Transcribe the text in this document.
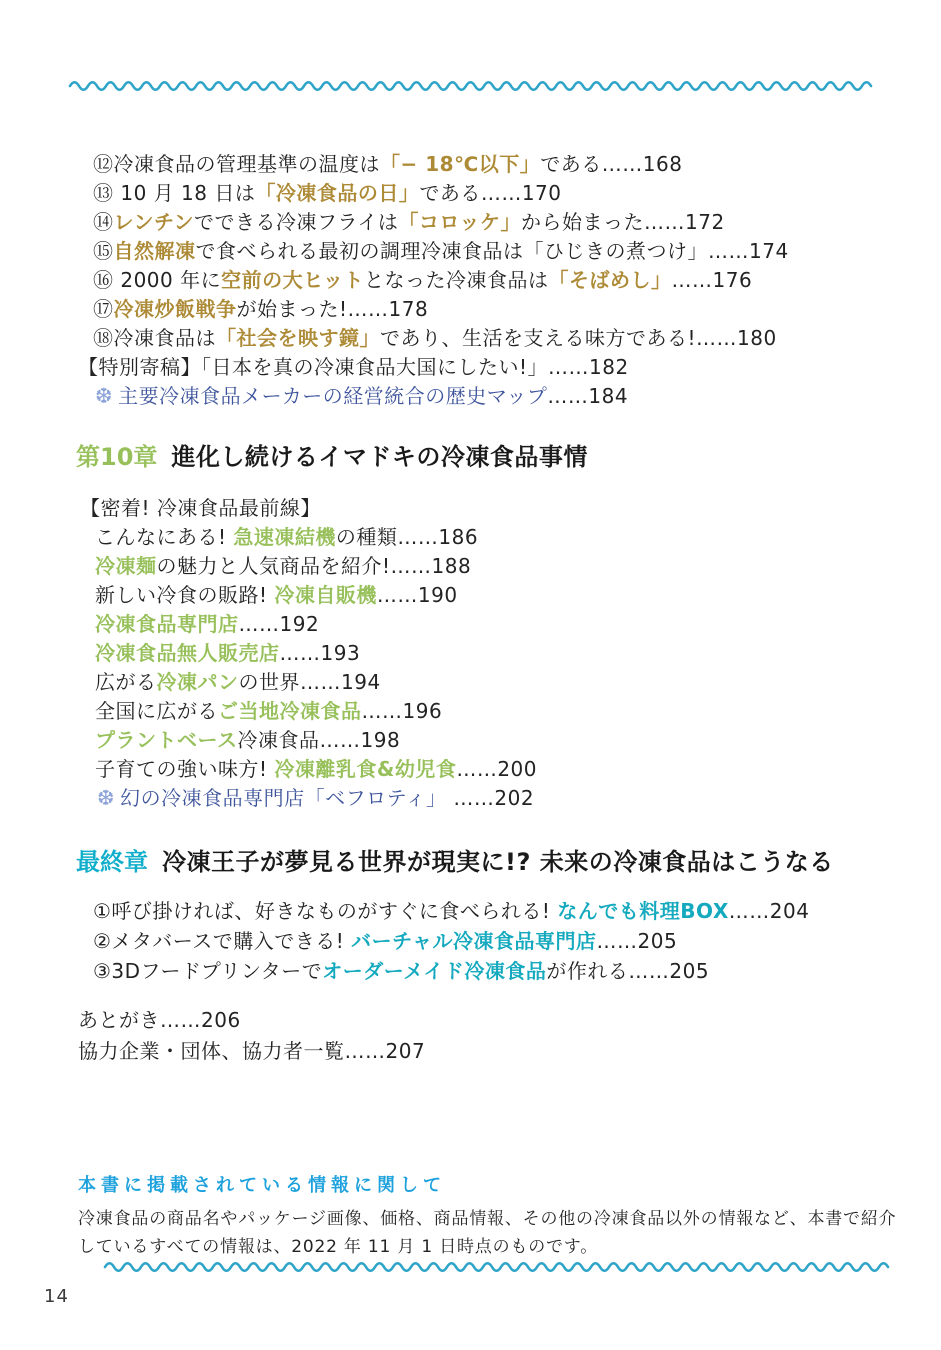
⑫冷凍食品の管理基準の温度は「− 18℃以下」である……168
⑬ 10 月 18 日は「冷凍食品の日」である……170
⑭レンチンでできる冷凍フライは「コロッケ」から始まった……172
⑮自然解凍で食べられる最初の調理冷凍食品は「ひじきの煮つけ」……174
⑯ 2000 年に空前の大ヒットとなった冷凍食品は「そばめし」……176
⑰冷凍炒飯戦争が始まった!……178
⑱冷凍食品は「社会を映す鏡」であり、生活を支える味方である!……180
【特別寄稿】「日本を真の冷凍食品大国にしたい!」……182
❆ 主要冷凍食品メーカーの経営統合の歴史マップ……184
第10章 進化し続けるイマドキの冷凍食品事情
【密着! 冷凍食品最前線】
こんなにある! 急速凍結機の種類……186
冷凍麺の魅力と人気商品を紹介!……188
新しい冷食の販路! 冷凍自販機……190
冷凍食品専門店……192
冷凍食品無人販売店……193
広がる冷凍パンの世界……194
全国に広がるご当地冷凍食品……196
プラントベース冷凍食品……198
子育ての強い味方! 冷凍離乳食&幼児食……200
❆ 幻の冷凍食品専門店「ベフロティ」 ……202
最終章 冷凍王子が夢見る世界が現実に!? 未来の冷凍食品はこうなる
①呼び掛ければ、好きなものがすぐに食べられる! なんでも料理BOX……204
②メタバースで購入できる! バーチャル冷凍食品専門店……205
③3Dフードプリンターでオーダーメイド冷凍食品が作れる……205
あとがき……206
協力企業・団体、協力者一覧……207
本書に掲載されている情報に関して
冷凍食品の商品名やパッケージ画像、価格、商品情報、その他の冷凍食品以外の情報など、本書で紹介
しているすべての情報は、2022 年 11 月 1 日時点のものです。
14
